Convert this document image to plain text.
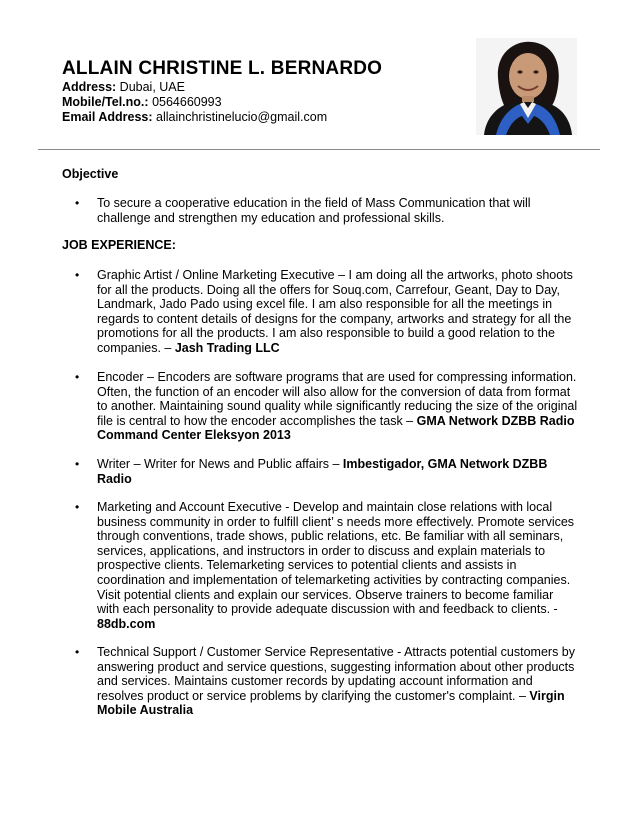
ALLAIN CHRISTINE L. BERNARDO
Address: Dubai, UAE
Mobile/Tel.no.: 0564660993
Email Address: allainchristinelucio@gmail.com
Objective
• To secure a cooperative education in the field of Mass Communication that will
challenge and strengthen my education and professional skills.
JOB EXPERIENCE:
• Graphic Artist / Online Marketing Executive – I am doing all the artworks, photo shoots
for all the products. Doing all the offers for Souq.com, Carrefour, Geant, Day to Day,
Landmark, Jado Pado using excel file. I am also responsible for all the meetings in
regards to content details of designs for the company, artworks and strategy for all the
promotions for all the products. I am also responsible to build a good relation to the
companies. – Jash Trading LLC
• Encoder – Encoders are software programs that are used for compressing information.
Often, the function of an encoder will also allow for the conversion of data from format
to another. Maintaining sound quality while significantly reducing the size of the original
file is central to how the encoder accomplishes the task – GMA Network DZBB Radio
Command Center Eleksyon 2013
• Writer – Writer for News and Public affairs – Imbestigador, GMA Network DZBB
Radio
• Marketing and Account Executive - Develop and maintain close relations with local
business community in order to fulfill client’ s needs more effectively. Promote services
through conventions, trade shows, public relations, etc. Be familiar with all seminars,
services, applications, and instructors in order to discuss and explain materials to
prospective clients. Telemarketing services to potential clients and assists in
coordination and implementation of telemarketing activities by contracting companies.
Visit potential clients and explain our services. Observe trainers to become familiar
with each personality to provide adequate discussion with and feedback to clients. -
88db.com
• Technical Support / Customer Service Representative - Attracts potential customers by
answering product and service questions, suggesting information about other products
and services. Maintains customer records by updating account information and
resolves product or service problems by clarifying the customer's complaint. – Virgin
Mobile Australia
